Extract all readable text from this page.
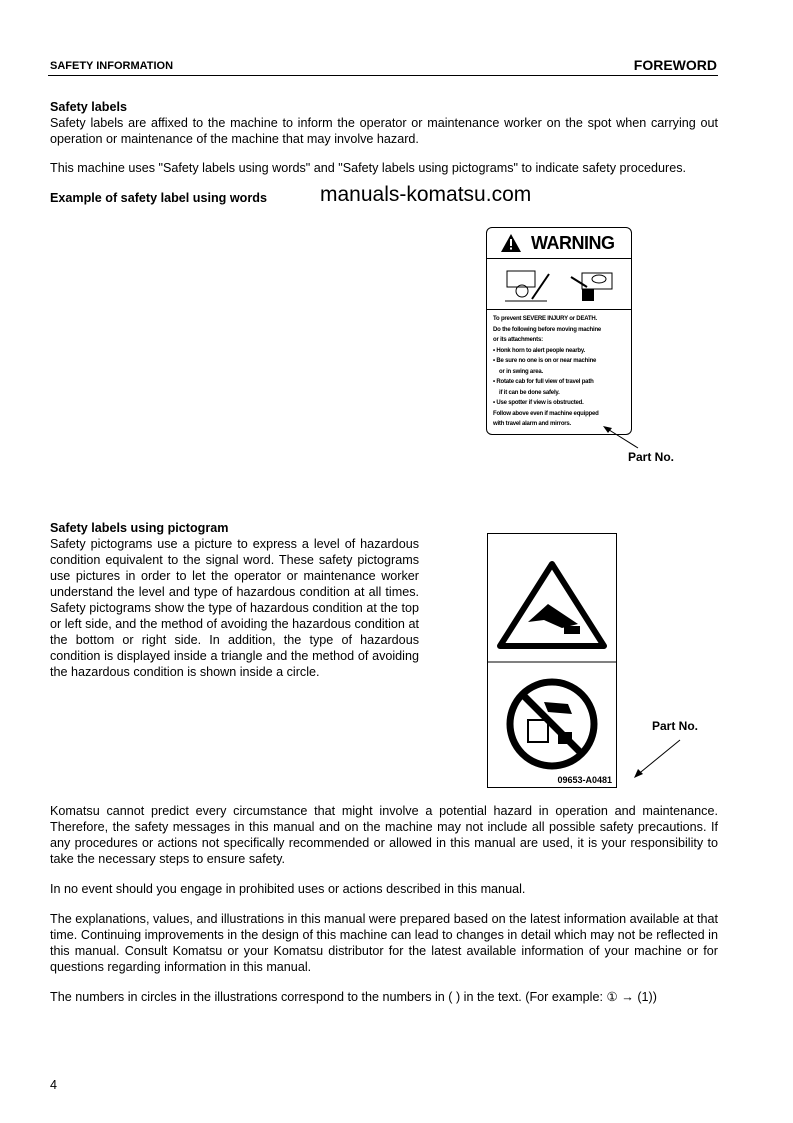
SAFETY INFORMATION	FOREWORD
Safety labels
Safety labels are affixed to the machine to inform the operator or maintenance worker on the spot when carrying out operation or maintenance of the machine that may involve hazard.
This machine uses "Safety labels using words" and "Safety labels using pictograms" to indicate safety procedures.
Example of safety label using words	manuals-komatsu.com
WARNING
To prevent SEVERE INJURY or DEATH.
Do the following before moving machine
or its attachments:
• Honk horn to alert people nearby.
• Be sure no one is on or near machine
or in swing area.
• Rotate cab for full view of travel path
if it can be done safely.
• Use spotter if view is obstructed.
Follow above even if machine equipped
with travel alarm and mirrors.
Part No.
Safety labels using pictogram
Safety pictograms use a picture to express a level of hazardous condition equivalent to the signal word. These safety pictograms use pictures in order to let the operator or maintenance worker understand the level and type of hazardous condition at all times. Safety pictograms show the type of hazardous condition at the top or left side, and the method of avoiding the hazardous condition at the bottom or right side. In addition, the type of hazardous condition is displayed inside a triangle and the method of avoiding the hazardous condition is shown inside a circle.
09653-A0481
Part No.
Komatsu cannot predict every circumstance that might involve a potential hazard in operation and maintenance. Therefore, the safety messages in this manual and on the machine may not include all possible safety precautions. If any procedures or actions not specifically recommended or allowed in this manual are used, it is your responsibility to take the necessary steps to ensure safety.
In no event should you engage in prohibited uses or actions described in this manual.
The explanations, values, and illustrations in this manual were prepared based on the latest information available at that time. Continuing improvements in the design of this machine can lead to changes in detail which may not be reflected in this manual. Consult Komatsu or your Komatsu distributor for the latest available information of your machine or for questions regarding information in this manual.
The numbers in circles in the illustrations correspond to the numbers in ( ) in the text. (For example: ① → (1))
4
